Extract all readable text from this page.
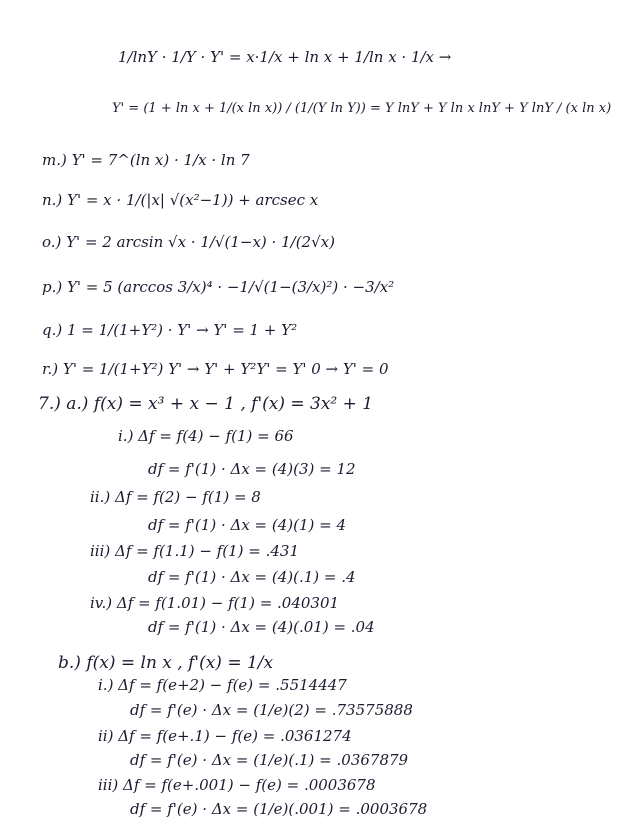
1/lnY · 1/Y · Y' = x·1/x + ln x + 1/ln x · 1/x →
Y' = (1 + ln x + 1/(x ln x)) / (1/(Y ln Y)) = Y lnY + Y ln x lnY + Y lnY / (x ln x)
m.) Y' = 7^(ln x) · 1/x · ln 7
n.) Y' = x · 1/(|x| √(x²−1)) + arcsec x
o.) Y' = 2 arcsin √x · 1/√(1−x) · 1/(2√x)
p.) Y' = 5 (arccos 3/x)⁴ · −1/√(1−(3/x)²) · −3/x²
q.) 1 = 1/(1+Y²) · Y' → Y' = 1 + Y²
r.) Y' = 1/(1+Y²) Y' → Y' + Y²Y' = Y' 0 → Y' = 0
7.) a.) f(x) = x³ + x − 1 , f'(x) = 3x² + 1
i.) Δf = f(4) − f(1) = 66
df = f'(1) · Δx = (4)(3) = 12
ii.) Δf = f(2) − f(1) = 8
df = f'(1) · Δx = (4)(1) = 4
iii) Δf = f(1.1) − f(1) = .431
df = f'(1) · Δx = (4)(.1) = .4
iv.) Δf = f(1.01) − f(1) = .040301
df = f'(1) · Δx = (4)(.01) = .04
b.) f(x) = ln x , f'(x) = 1/x
i.) Δf = f(e+2) − f(e) = .5514447
df = f'(e) · Δx = (1/e)(2) = .73575888
ii) Δf = f(e+.1) − f(e) = .0361274
df = f'(e) · Δx = (1/e)(.1) = .0367879
iii) Δf = f(e+.001) − f(e) = .0003678
df = f'(e) · Δx = (1/e)(.001) = .0003678
